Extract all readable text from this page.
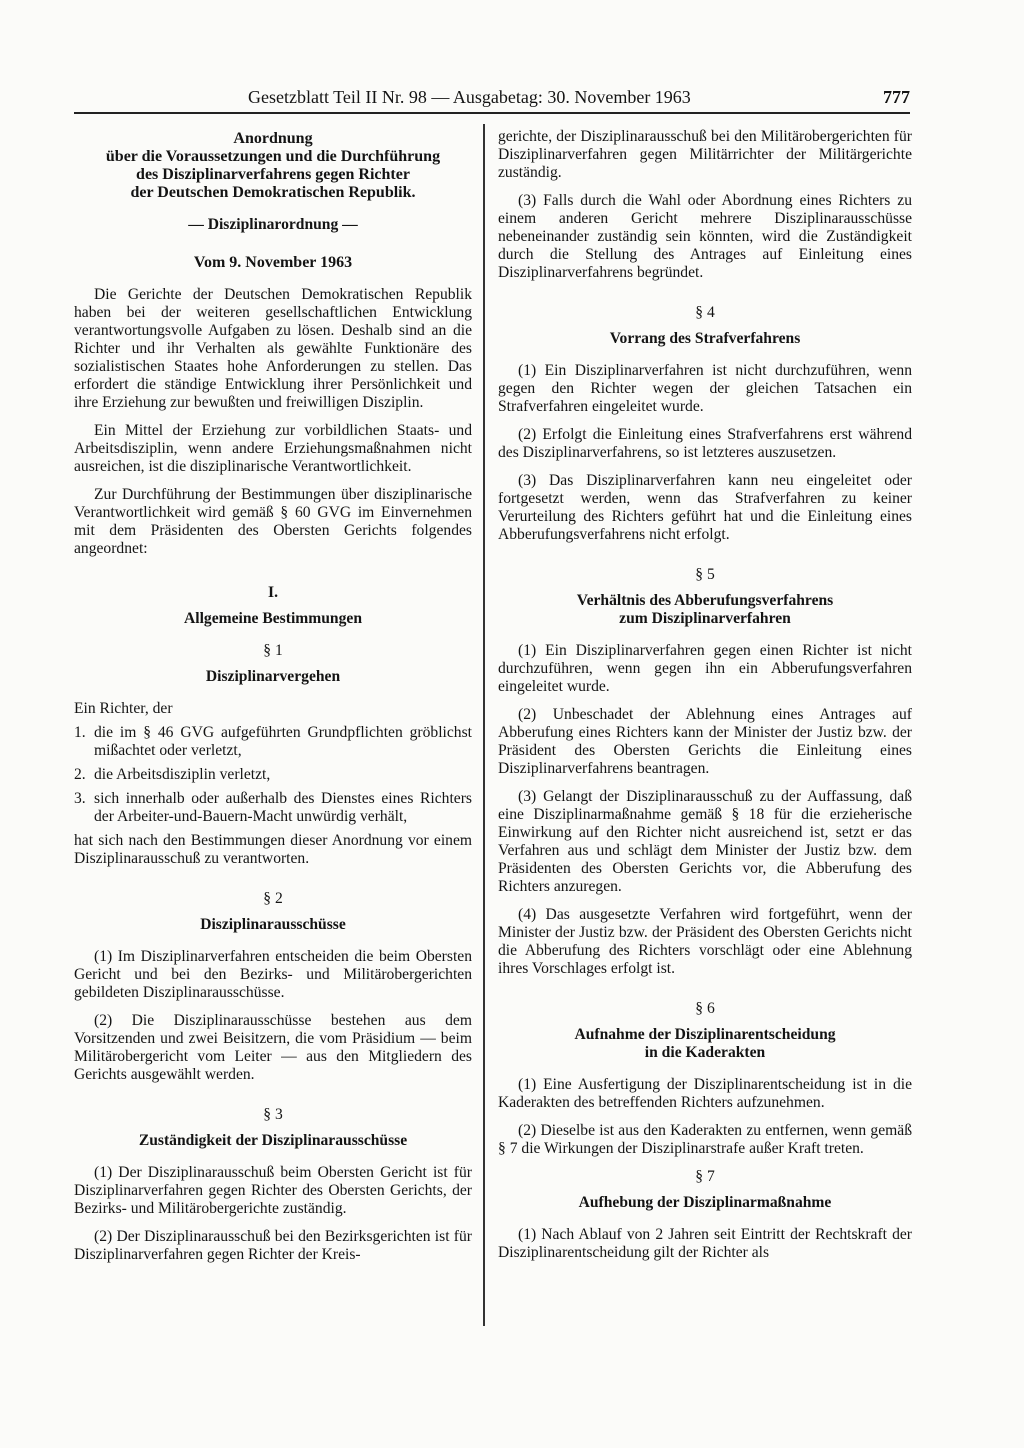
Gesetzblatt Teil II Nr. 98 — Ausgabetag: 30. November 1963	777
Anordnung
über die Voraussetzungen und die Durchführung
des Disziplinarverfahrens gegen Richter
der Deutschen Demokratischen Republik.
— Disziplinarordnung —
Vom 9. November 1963

Die Gerichte der Deutschen Demokratischen Republik haben bei der weiteren gesellschaftlichen Entwicklung verantwortungsvolle Aufgaben zu lösen. Deshalb sind an die Richter und ihr Verhalten als gewählte Funktionäre des sozialistischen Staates hohe Anforderungen zu stellen. Das erfordert die ständige Entwicklung ihrer Persönlichkeit und ihre Erziehung zur bewußten und freiwilligen Disziplin.

Ein Mittel der Erziehung zur vorbildlichen Staats- und Arbeitsdisziplin, wenn andere Erziehungsmaßnahmen nicht ausreichen, ist die disziplinarische Verantwortlichkeit.

Zur Durchführung der Bestimmungen über disziplinarische Verantwortlichkeit wird gemäß § 60 GVG im Einvernehmen mit dem Präsidenten des Obersten Gerichts folgendes angeordnet:

I.
Allgemeine Bestimmungen
§ 1
Disziplinarvergehen

Ein Richter, der

1. die im § 46 GVG aufgeführten Grundpflichten gröblichst mißachtet oder verletzt,
2. die Arbeitsdisziplin verletzt,
3. sich innerhalb oder außerhalb des Dienstes eines Richters der Arbeiter-und-Bauern-Macht unwürdig verhält,

hat sich nach den Bestimmungen dieser Anordnung vor einem Disziplinarausschuß zu verantworten.

§ 2
Disziplinarausschüsse

(1) Im Disziplinarverfahren entscheiden die beim Obersten Gericht und bei den Bezirks- und Militärobergerichten gebildeten Disziplinarausschüsse.

(2) Die Disziplinarausschüsse bestehen aus dem Vorsitzenden und zwei Beisitzern, die vom Präsidium — beim Militärobergericht vom Leiter — aus den Mitgliedern des Gerichts ausgewählt werden.

§ 3
Zuständigkeit der Disziplinarausschüsse

(1) Der Disziplinarausschuß beim Obersten Gericht ist für Disziplinarverfahren gegen Richter des Obersten Gerichts, der Bezirks- und Militärobergerichte zuständig.

(2) Der Disziplinarausschuß bei den Bezirksgerichten ist für Disziplinarverfahren gegen Richter der Kreis-

gerichte, der Disziplinarausschuß bei den Militärobergerichten für Disziplinarverfahren gegen Militärrichter der Militärgerichte zuständig.

(3) Falls durch die Wahl oder Abordnung eines Richters zu einem anderen Gericht mehrere Disziplinarausschüsse nebeneinander zuständig sein könnten, wird die Zuständigkeit durch die Stellung des Antrages auf Einleitung eines Disziplinarverfahrens begründet.

§ 4
Vorrang des Strafverfahrens

(1) Ein Disziplinarverfahren ist nicht durchzuführen, wenn gegen den Richter wegen der gleichen Tatsachen ein Strafverfahren eingeleitet wurde.

(2) Erfolgt die Einleitung eines Strafverfahrens erst während des Disziplinarverfahrens, so ist letzteres auszusetzen.

(3) Das Disziplinarverfahren kann neu eingeleitet oder fortgesetzt werden, wenn das Strafverfahren zu keiner Verurteilung des Richters geführt hat und die Einleitung eines Abberufungsverfahrens nicht erfolgt.

§ 5
Verhältnis des Abberufungsverfahrens
zum Disziplinarverfahren

(1) Ein Disziplinarverfahren gegen einen Richter ist nicht durchzuführen, wenn gegen ihn ein Abberufungsverfahren eingeleitet wurde.

(2) Unbeschadet der Ablehnung eines Antrages auf Abberufung eines Richters kann der Minister der Justiz bzw. der Präsident des Obersten Gerichts die Einleitung eines Disziplinarverfahrens beantragen.

(3) Gelangt der Disziplinarausschuß zu der Auffassung, daß eine Disziplinarmaßnahme gemäß § 18 für die erzieherische Einwirkung auf den Richter nicht ausreichend ist, setzt er das Verfahren aus und schlägt dem Minister der Justiz bzw. dem Präsidenten des Obersten Gerichts vor, die Abberufung des Richters anzuregen.

(4) Das ausgesetzte Verfahren wird fortgeführt, wenn der Minister der Justiz bzw. der Präsident des Obersten Gerichts nicht die Abberufung des Richters vorschlägt oder eine Ablehnung ihres Vorschlages erfolgt ist.

§ 6
Aufnahme der Disziplinarentscheidung
in die Kaderakten

(1) Eine Ausfertigung der Disziplinarentscheidung ist in die Kaderakten des betreffenden Richters aufzunehmen.

(2) Dieselbe ist aus den Kaderakten zu entfernen, wenn gemäß § 7 die Wirkungen der Disziplinarstrafe außer Kraft treten.

§ 7
Aufhebung der Disziplinarmaßnahme

(1) Nach Ablauf von 2 Jahren seit Eintritt der Rechtskraft der Disziplinarentscheidung gilt der Richter als
